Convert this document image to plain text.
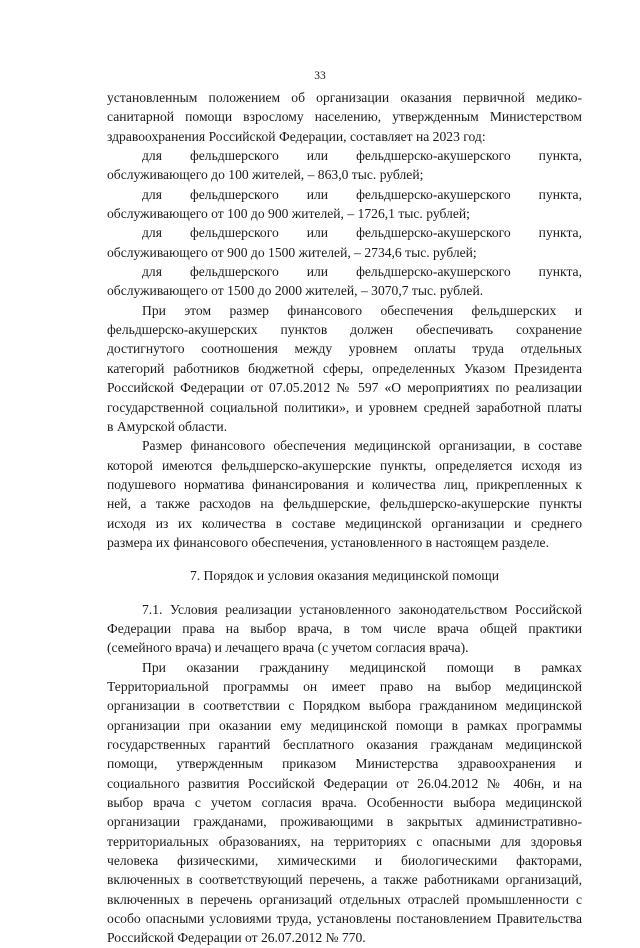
33
установленным положением об организации оказания первичной медико-
санитарной помощи взрослому населению, утвержденным Министерством
здравоохранения Российской Федерации, составляет на 2023 год:
для фельдшерского или фельдшерско-акушерского пункта,
обслуживающего до 100 жителей, – 863,0 тыс. рублей;
для фельдшерского или фельдшерско-акушерского пункта,
обслуживающего от 100 до 900 жителей, – 1726,1 тыс. рублей;
для фельдшерского или фельдшерско-акушерского пункта,
обслуживающего от 900 до 1500 жителей, – 2734,6 тыс. рублей;
для фельдшерского или фельдшерско-акушерского пункта,
обслуживающего от 1500 до 2000 жителей, – 3070,7 тыс. рублей.
При этом размер финансового обеспечения фельдшерских и
фельдшерско-акушерских пунктов должен обеспечивать сохранение
достигнутого соотношения между уровнем оплаты труда отдельных
категорий работников бюджетной сферы, определенных Указом Президента
Российской Федерации от 07.05.2012 № 597 «О мероприятиях по реализации
государственной социальной политики», и уровнем средней заработной платы
в Амурской области.
Размер финансового обеспечения медицинской организации, в составе
которой имеются фельдшерско-акушерские пункты, определяется исходя из
подушевого норматива финансирования и количества лиц, прикрепленных к
ней, а также расходов на фельдшерские, фельдшерско-акушерские пункты
исходя из их количества в составе медицинской организации и среднего
размера их финансового обеспечения, установленного в настоящем разделе.
7. Порядок и условия оказания медицинской помощи
7.1. Условия реализации установленного законодательством Российской
Федерации права на выбор врача, в том числе врача общей практики
(семейного врача) и лечащего врача (с учетом согласия врача).
При оказании гражданину медицинской помощи в рамках
Территориальной программы он имеет право на выбор медицинской
организации в соответствии с Порядком выбора гражданином медицинской
организации при оказании ему медицинской помощи в рамках программы
государственных гарантий бесплатного оказания гражданам медицинской
помощи, утвержденным приказом Министерства здравоохранения и
социального развития Российской Федерации от 26.04.2012 № 406н, и на
выбор врача с учетом согласия врача. Особенности выбора медицинской
организации гражданами, проживающими в закрытых административно-
территориальных образованиях, на территориях с опасными для здоровья
человека физическими, химическими и биологическими факторами,
включенных в соответствующий перечень, а также работниками организаций,
включенных в перечень организаций отдельных отраслей промышленности с
особо опасными условиями труда, установлены постановлением Правительства
Российской Федерации от 26.07.2012 № 770.
